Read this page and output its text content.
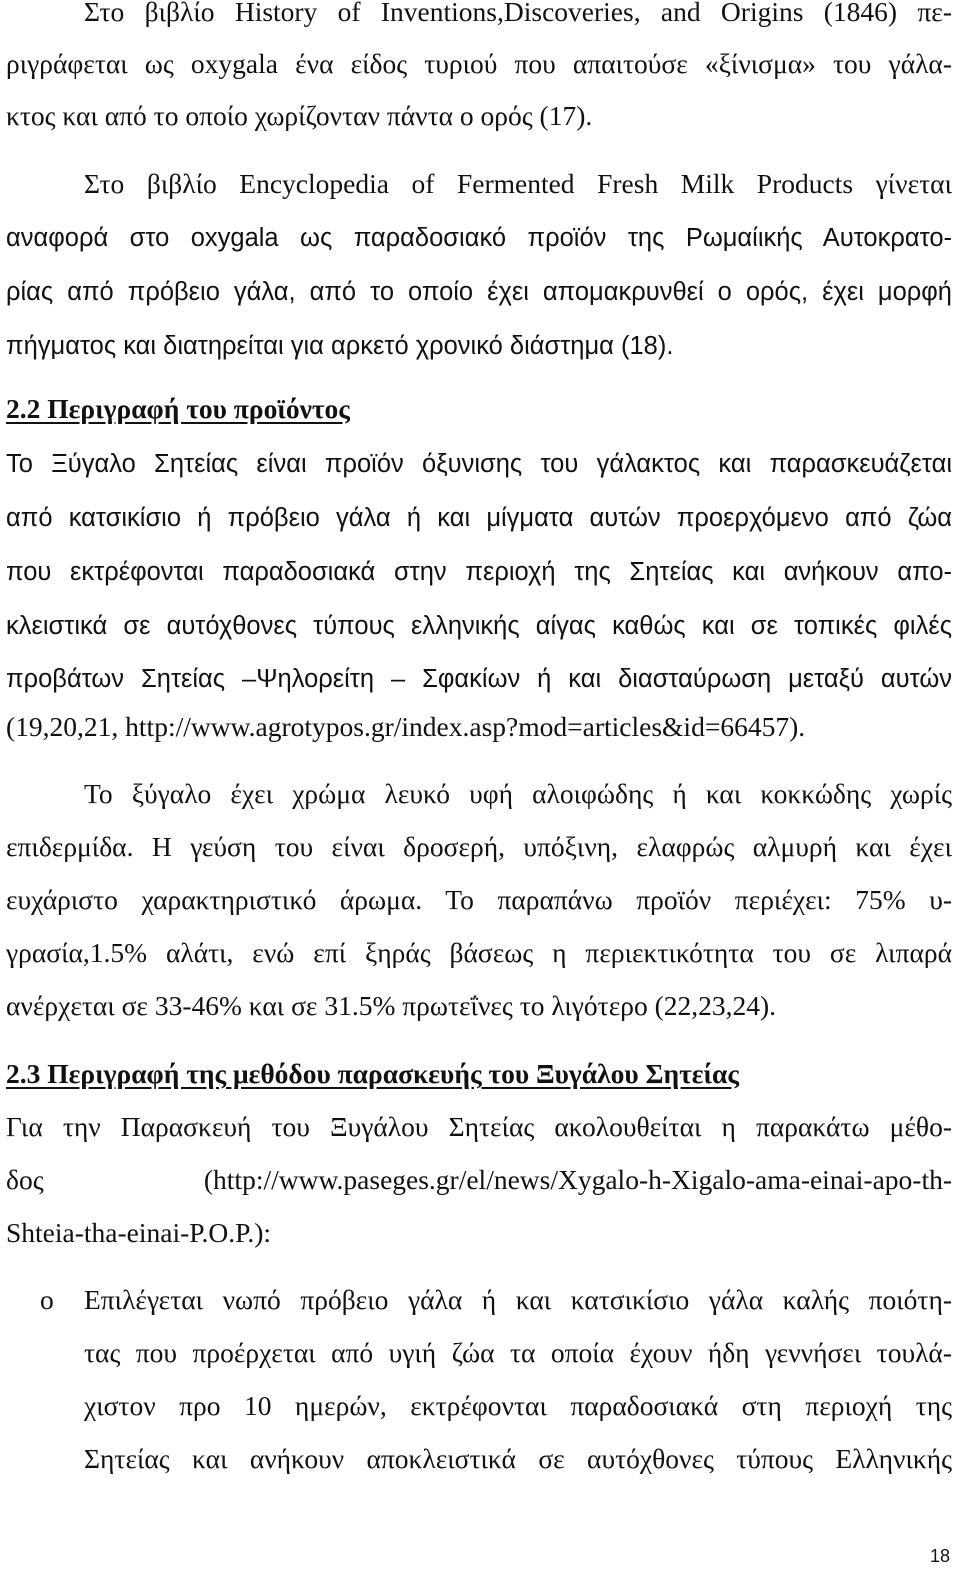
Στο βιβλίο History of Inventions,Discoveries, and Origins (1846) πε-
ριγράφεται ως oxygala ένα είδος τυριού που απαιτούσε «ξίνισμα» του γάλα-
κτος και από το οποίο χωρίζονταν πάντα ο ορός (17).
Στο βιβλίο Encyclopedia of Fermented Fresh Milk Products γίνεται
αναφορά στο oxygala ως παραδοσιακό προϊόν της Ρωμαίικής Αυτοκρατο-
ρίας από πρόβειο γάλα, από το οποίο έχει απομακρυνθεί ο ορός, έχει μορφή
πήγματος και διατηρείται για αρκετό χρονικό διάστημα (18).
2.2 Περιγραφή του προϊόντος
Το Ξύγαλο Σητείας είναι προϊόν όξυνισης του γάλακτος και παρασκευάζεται
από κατσικίσιο ή πρόβειο γάλα ή και μίγματα αυτών προερχόμενο από ζώα
που εκτρέφονται παραδοσιακά στην περιοχή της Σητείας και ανήκουν απο-
κλειστικά σε αυτόχθονες τύπους ελληνικής αίγας καθώς και σε τοπικές φιλές
προβάτων Σητείας –Ψηλορείτη – Σφακίων ή και διασταύρωση μεταξύ αυτών
(19,20,21, http://www.agrotypos.gr/index.asp?mod=articles&id=66457).
Το ξύγαλο έχει χρώμα λευκό υφή αλοιφώδης ή και κοκκώδης χωρίς
επιδερμίδα. Η γεύση του είναι δροσερή, υπόξινη, ελαφρώς αλμυρή και έχει
ευχάριστο χαρακτηριστικό άρωμα. Το παραπάνω προϊόν περιέχει: 75% υ-
γρασία,1.5% αλάτι, ενώ επί ξηράς βάσεως η περιεκτικότητα του σε λιπαρά
ανέρχεται σε 33-46% και σε 31.5% πρωτεΐνες το λιγότερο (22,23,24).
2.3 Περιγραφή της μεθόδου παρασκευής του Ξυγάλου Σητείας
Για την Παρασκευή του Ξυγάλου Σητείας ακολουθείται η παρακάτω μέθο-
δος (http://www.paseges.gr/el/news/Xygalo-h-Xigalo-ama-einai-apo-th-
Shteia-tha-einai-P.O.P.):
o Επιλέγεται νωπό πρόβειο γάλα ή και κατσικίσιο γάλα καλής ποιότη-
τας που προέρχεται από υγιή ζώα τα οποία έχουν ήδη γεννήσει τουλά-
χιστον προ 10 ημερών, εκτρέφονται παραδοσιακά στη περιοχή της
Σητείας και ανήκουν αποκλειστικά σε αυτόχθονες τύπους Ελληνικής
18
